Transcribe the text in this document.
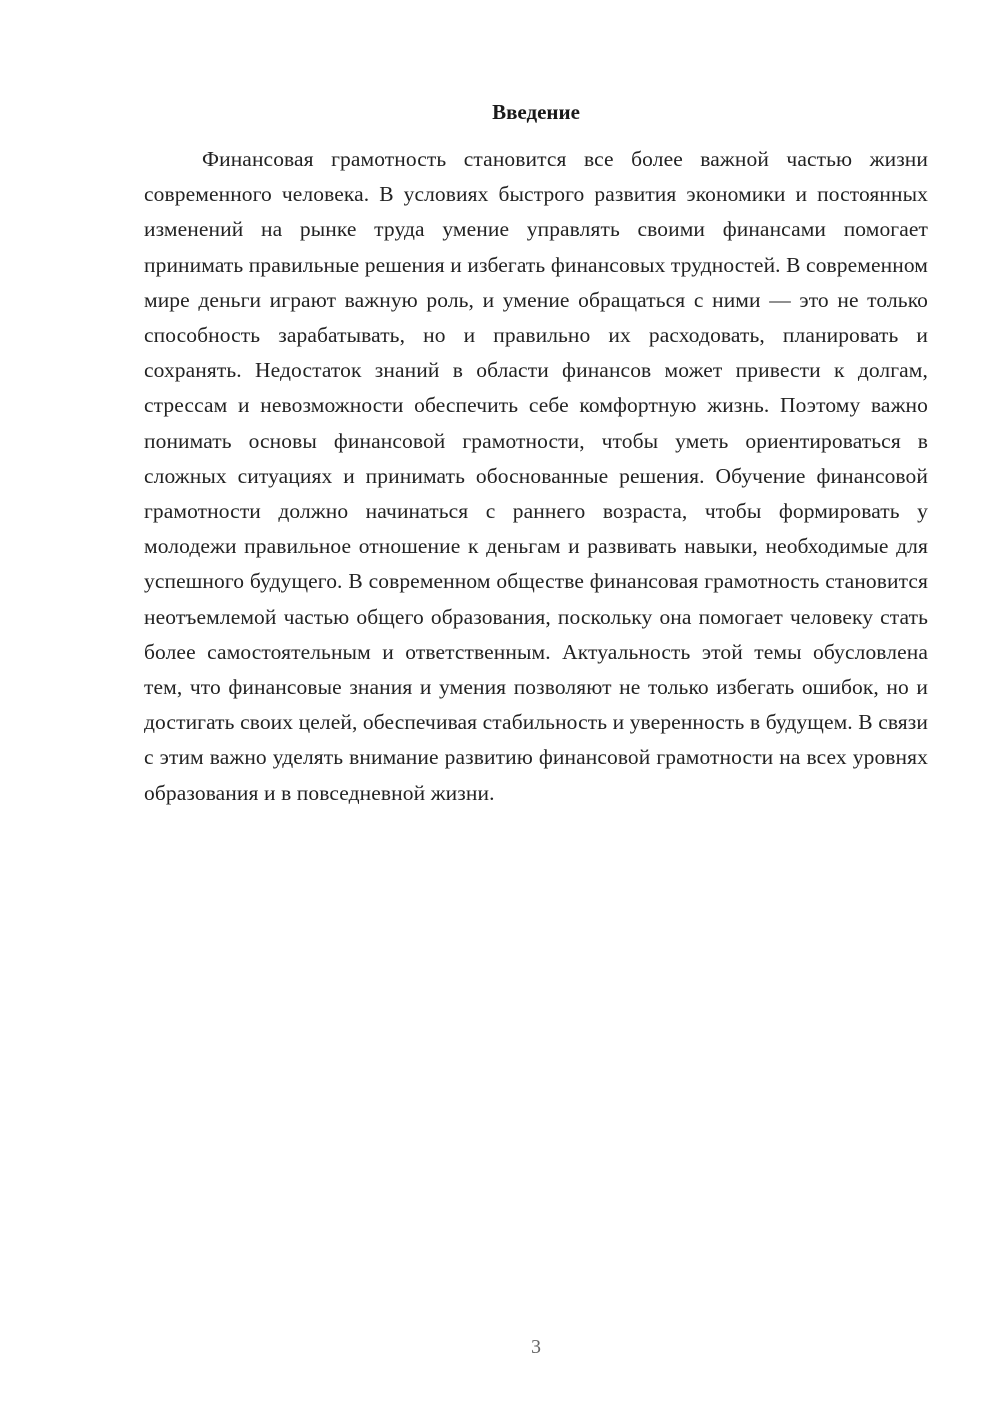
Введение

Финансовая грамотность становится все более важной частью жизни современного человека. В условиях быстрого развития экономики и постоянных изменений на рынке труда умение управлять своими финансами помогает принимать правильные решения и избегать финансовых трудностей. В современном мире деньги играют важную роль, и умение обращаться с ними — это не только способность зарабатывать, но и правильно их расходовать, планировать и сохранять. Недостаток знаний в области финансов может привести к долгам, стрессам и невозможности обеспечить себе комфортную жизнь. Поэтому важно понимать основы финансовой грамотности, чтобы уметь ориентироваться в сложных ситуациях и принимать обоснованные решения. Обучение финансовой грамотности должно начинаться с раннего возраста, чтобы формировать у молодежи правильное отношение к деньгам и развивать навыки, необходимые для успешного будущего. В современном обществе финансовая грамотность становится неотъемлемой частью общего образования, поскольку она помогает человеку стать более самостоятельным и ответственным. Актуальность этой темы обусловлена тем, что финансовые знания и умения позволяют не только избегать ошибок, но и достигать своих целей, обеспечивая стабильность и уверенность в будущем. В связи с этим важно уделять внимание развитию финансовой грамотности на всех уровнях образования и в повседневной жизни.

3
